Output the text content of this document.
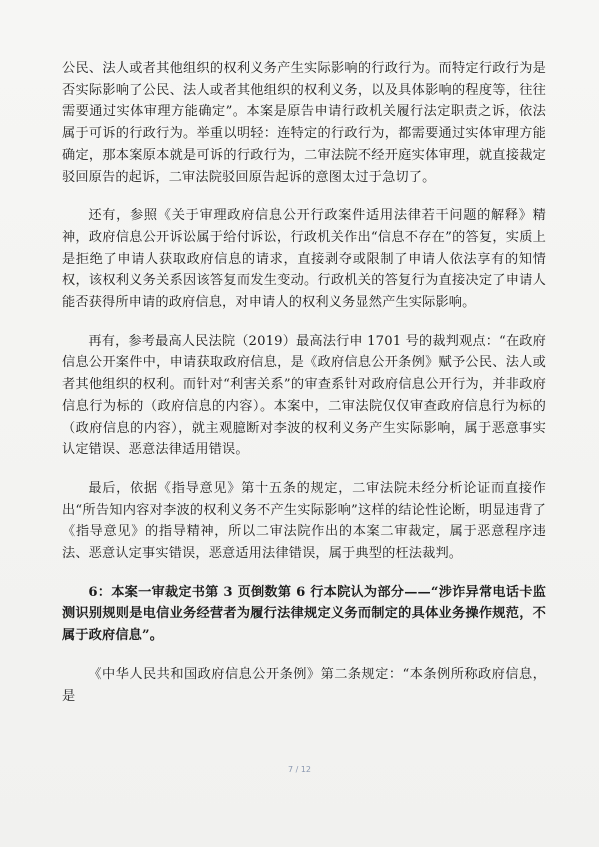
公民、法人或者其他组织的权利义务产生实际影响的行政行为。而特定行政行为是否实际影响了公民、法人或者其他组织的权利义务，以及具体影响的程度等，往往需要通过实体审理方能确定”。本案是原告申请行政机关履行法定职责之诉，依法属于可诉的行政行为。举重以明轻：连特定的行政行为，都需要通过实体审理方能确定，那本案原本就是可诉的行政行为，二审法院不经开庭实体审理，就直接裁定驳回原告的起诉，二审法院驳回原告起诉的意图太过于急切了。

还有，参照《关于审理政府信息公开行政案件适用法律若干问题的解释》精神，政府信息公开诉讼属于给付诉讼，行政机关作出“信息不存在”的答复，实质上是拒绝了申请人获取政府信息的请求，直接剥夺或限制了申请人依法享有的知情权，该权利义务关系因该答复而发生变动。行政机关的答复行为直接决定了申请人能否获得所申请的政府信息，对申请人的权利义务显然产生实际影响。

再有，参考最高人民法院（2019）最高法行申 1701 号的裁判观点：“在政府信息公开案件中，申请获取政府信息，是《政府信息公开条例》赋予公民、法人或者其他组织的权利。而针对“利害关系”的审查系针对政府信息公开行为，并非政府信息行为标的（政府信息的内容）。本案中，二审法院仅仅审查政府信息行为标的（政府信息的内容），就主观臆断对李波的权利义务产生实际影响，属于恶意事实认定错误、恶意法律适用错误。

最后，依据《指导意见》第十五条的规定，二审法院未经分析论证而直接作出“所告知内容对李波的权利义务不产生实际影响”这样的结论性论断，明显违背了《指导意见》的指导精神，所以二审法院作出的本案二审裁定，属于恶意程序违法、恶意认定事实错误，恶意适用法律错误，属于典型的枉法裁判。

6：本案一审裁定书第 3 页倒数第 6 行本院认为部分——“涉诈异常电话卡监测识别规则是电信业务经营者为履行法律规定义务而制定的具体业务操作规范，不属于政府信息”。

《中华人民共和国政府信息公开条例》第二条规定：“本条例所称政府信息，是

7 / 12
